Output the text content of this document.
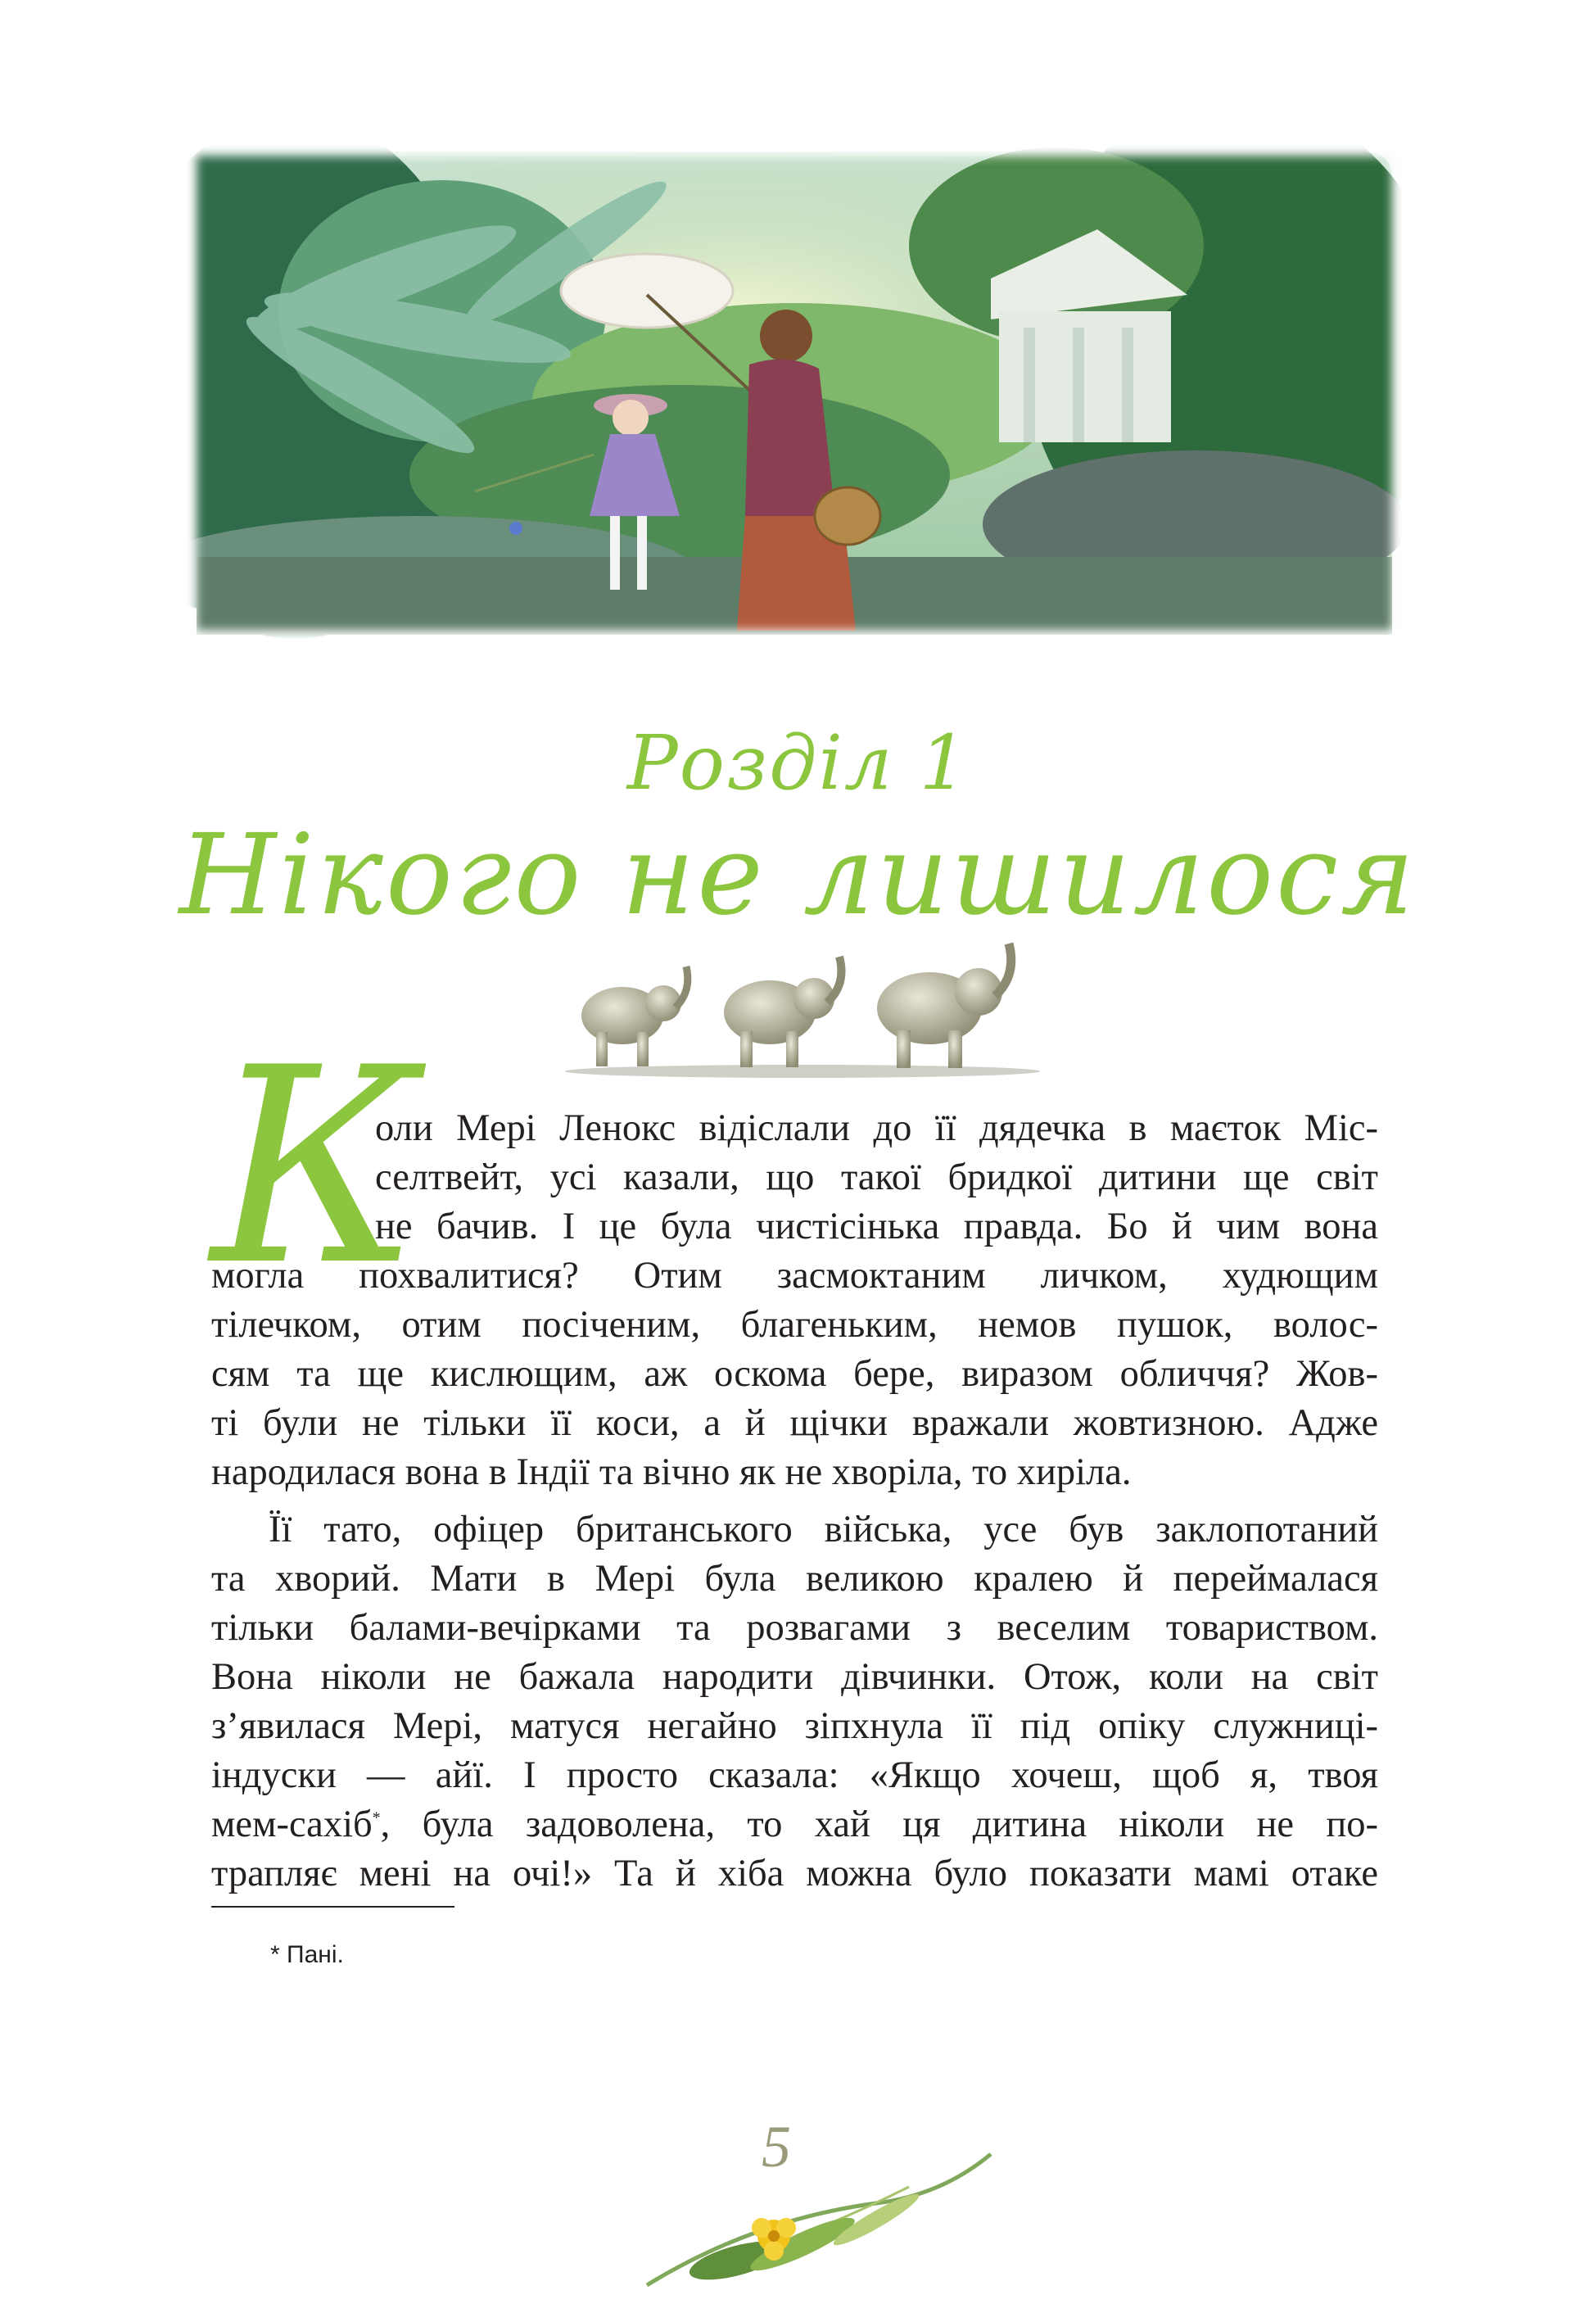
Розділ 1
Нікого не лишилося
К
оли Мері Ленокс відіслали до її дядечка в маєток Міс-
селтвейт, усі казали, що такої бридкої дитини ще світ
не бачив. І це була чистісінька правда. Бо й чим вона
могла похвалитися? Отим засмоктаним личком, худющим
тілечком, отим посіченим, благеньким, немов пушок, волос-
сям та ще кислющим, аж оскома бере, виразом обличчя? Жов-
ті були не тільки її коси, а й щічки вражали жовтизною. Адже
народилася вона в Індії та вічно як не хворіла, то хиріла.
Її тато, офіцер британського війська, усе був заклопотаний
та хворий. Мати в Мері була великою кралею й переймалася
тільки балами-вечірками та розвагами з веселим товариством.
Вона ніколи не бажала народити дівчинки. Отож, коли на світ
з’явилася Мері, матуся негайно зіпхнула її під опіку служниці-
індуски — айї. І просто сказала: «Якщо хочеш, щоб я, твоя
мем-сахіб*, була задоволена, то хай ця дитина ніколи не по-
трапляє мені на очі!» Та й хіба можна було показати мамі отаке
* Пані.
5
